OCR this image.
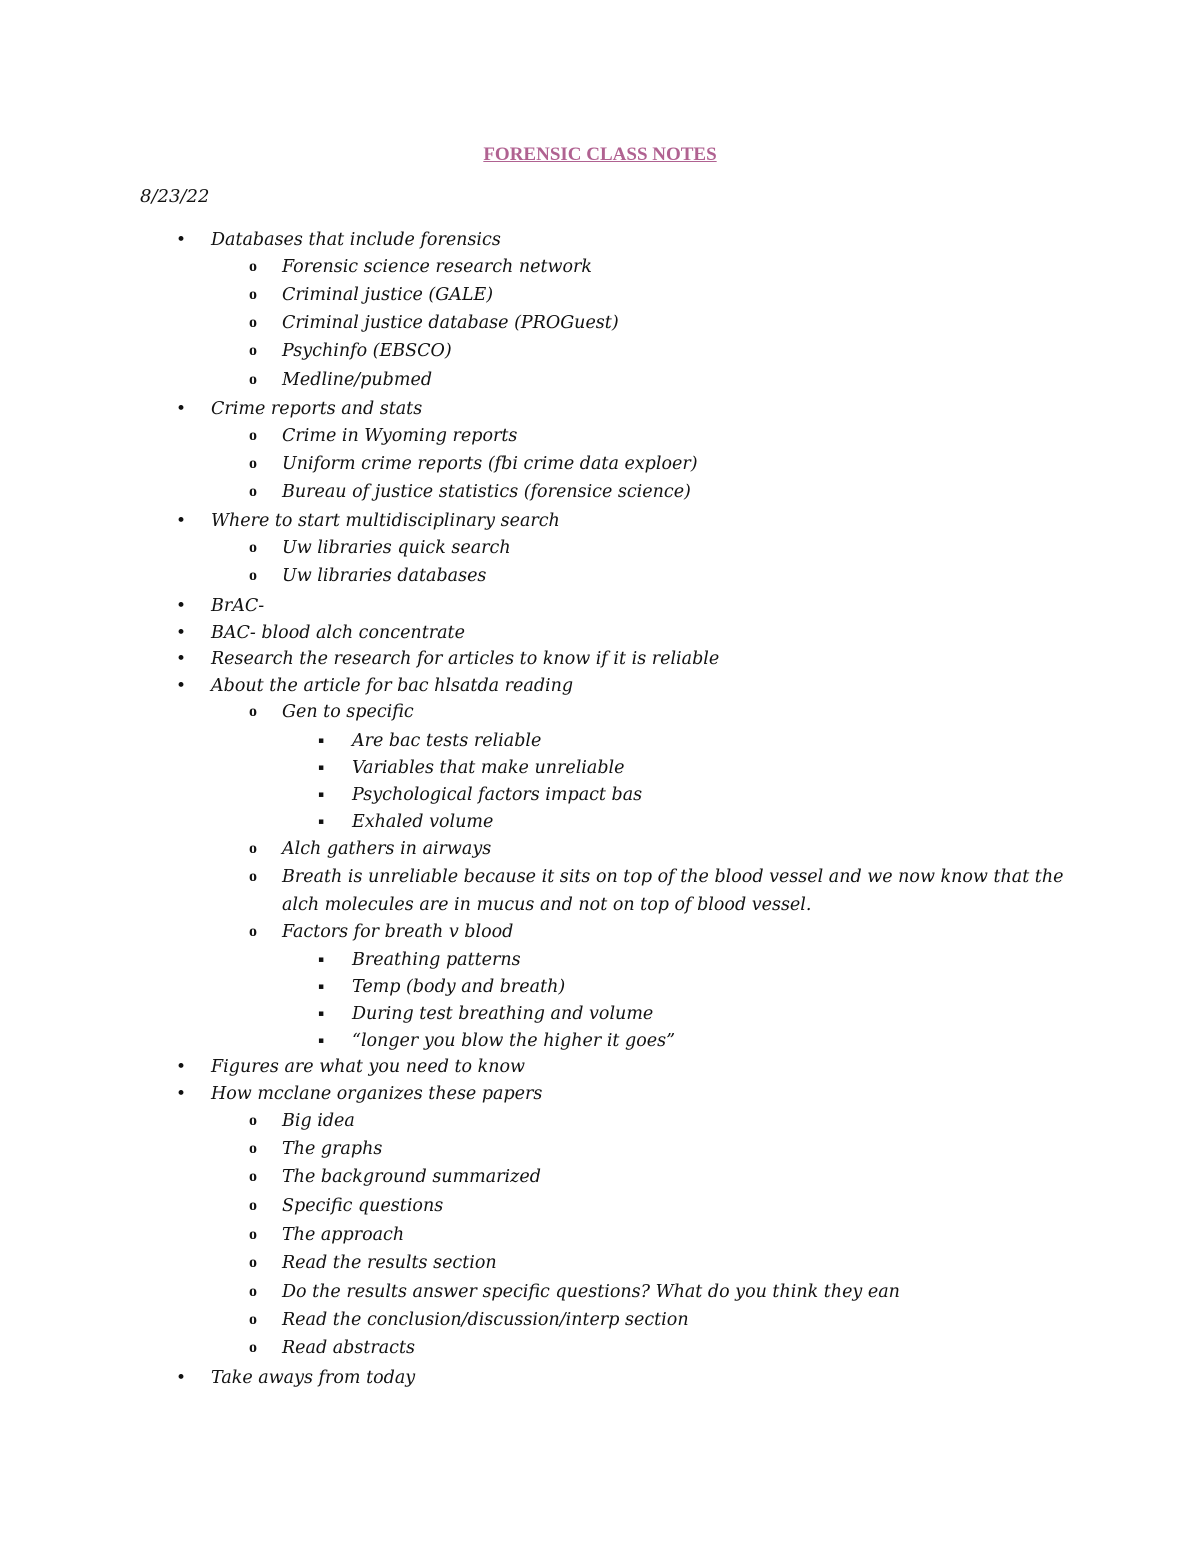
FORENSIC CLASS NOTES
8/23/22
• Databases that include forensics
o Forensic science research network
o Criminal justice (GALE)
o Criminal justice database (PROGuest)
o Psychinfo (EBSCO)
o Medline/pubmed
• Crime reports and stats
o Crime in Wyoming reports
o Uniform crime reports (fbi crime data exploer)
o Bureau of justice statistics (forensice science)
• Where to start multidisciplinary search
o Uw libraries quick search
o Uw libraries databases
• BrAC-
• BAC- blood alch concentrate
• Research the research for articles to know if it is reliable
• About the article for bac hlsatda reading
o Gen to specific
▪ Are bac tests reliable
▪ Variables that make unreliable
▪ Psychological factors impact bas
▪ Exhaled volume
o Alch gathers in airways
o Breath is unreliable because it sits on top of the blood vessel and we now know that the
alch molecules are in mucus and not on top of blood vessel.
o Factors for breath v blood
▪ Breathing patterns
▪ Temp (body and breath)
▪ During test breathing and volume
▪ “longer you blow the higher it goes”
• Figures are what you need to know
• How mcclane organizes these papers
o Big idea
o The graphs
o The background summarized
o Specific questions
o The approach
o Read the results section
o Do the results answer specific questions? What do you think they ean
o Read the conclusion/discussion/interp section
o Read abstracts
• Take aways from today
